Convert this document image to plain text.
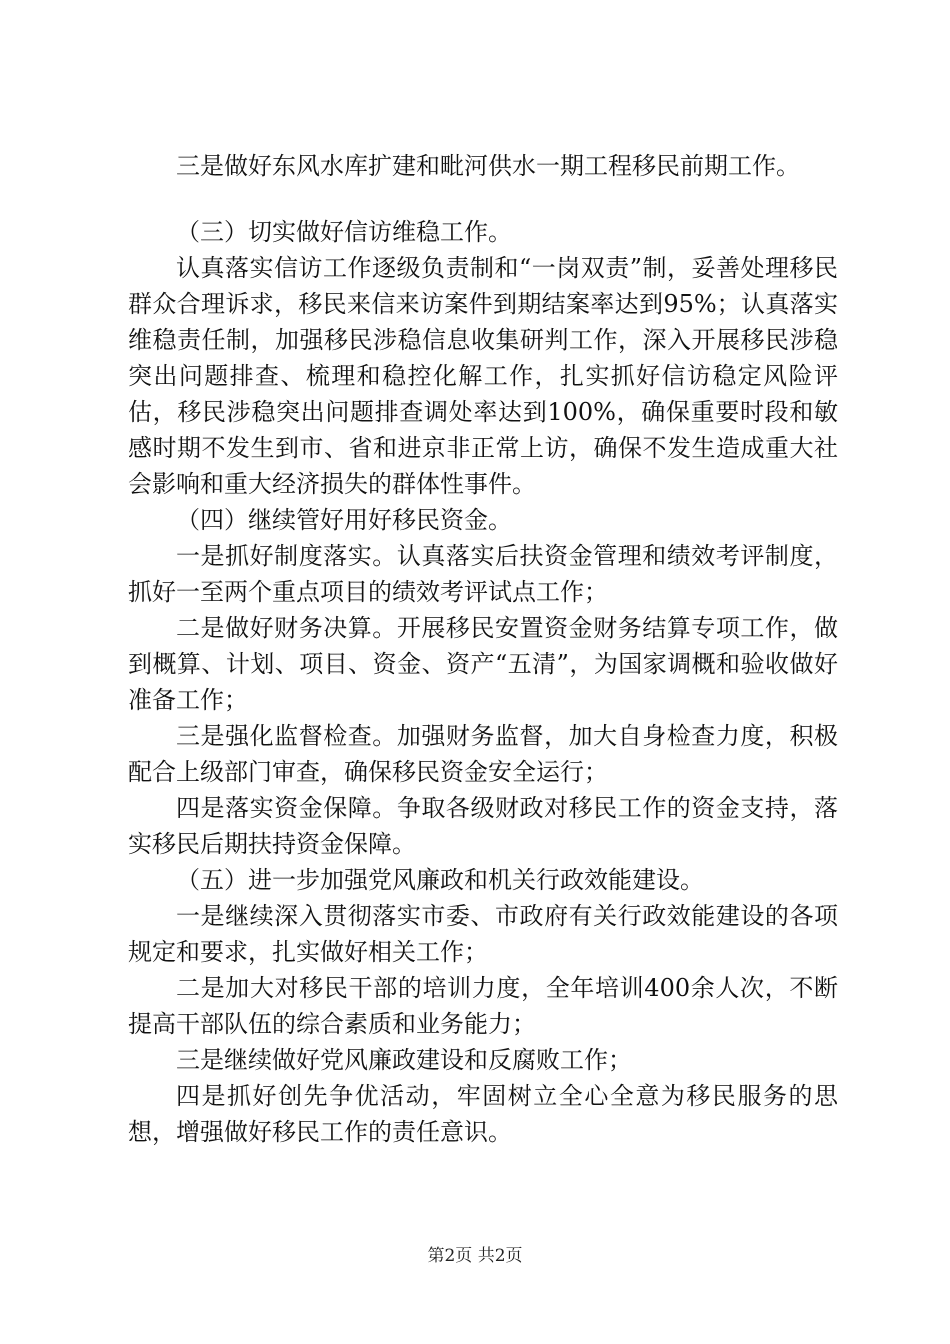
三是做好东风水库扩建和毗河供水一期工程移民前期工作。

（三）切实做好信访维稳工作。

认真落实信访工作逐级负责制和“一岗双责”制，妥善处理移民群众合理诉求，移民来信来访案件到期结案率达到95%；认真落实维稳责任制，加强移民涉稳信息收集研判工作，深入开展移民涉稳突出问题排查、梳理和稳控化解工作，扎实抓好信访稳定风险评估，移民涉稳突出问题排查调处率达到100%，确保重要时段和敏感时期不发生到市、省和进京非正常上访，确保不发生造成重大社会影响和重大经济损失的群体性事件。

（四）继续管好用好移民资金。

一是抓好制度落实。认真落实后扶资金管理和绩效考评制度，抓好一至两个重点项目的绩效考评试点工作；

二是做好财务决算。开展移民安置资金财务结算专项工作，做到概算、计划、项目、资金、资产“五清”，为国家调概和验收做好准备工作；

三是强化监督检查。加强财务监督，加大自身检查力度，积极配合上级部门审查，确保移民资金安全运行；

四是落实资金保障。争取各级财政对移民工作的资金支持，落实移民后期扶持资金保障。

（五）进一步加强党风廉政和机关行政效能建设。

一是继续深入贯彻落实市委、市政府有关行政效能建设的各项规定和要求，扎实做好相关工作；

二是加大对移民干部的培训力度，全年培训400余人次，不断提高干部队伍的综合素质和业务能力；

三是继续做好党风廉政建设和反腐败工作；

四是抓好创先争优活动，牢固树立全心全意为移民服务的思想，增强做好移民工作的责任意识。

第2页 共2页
